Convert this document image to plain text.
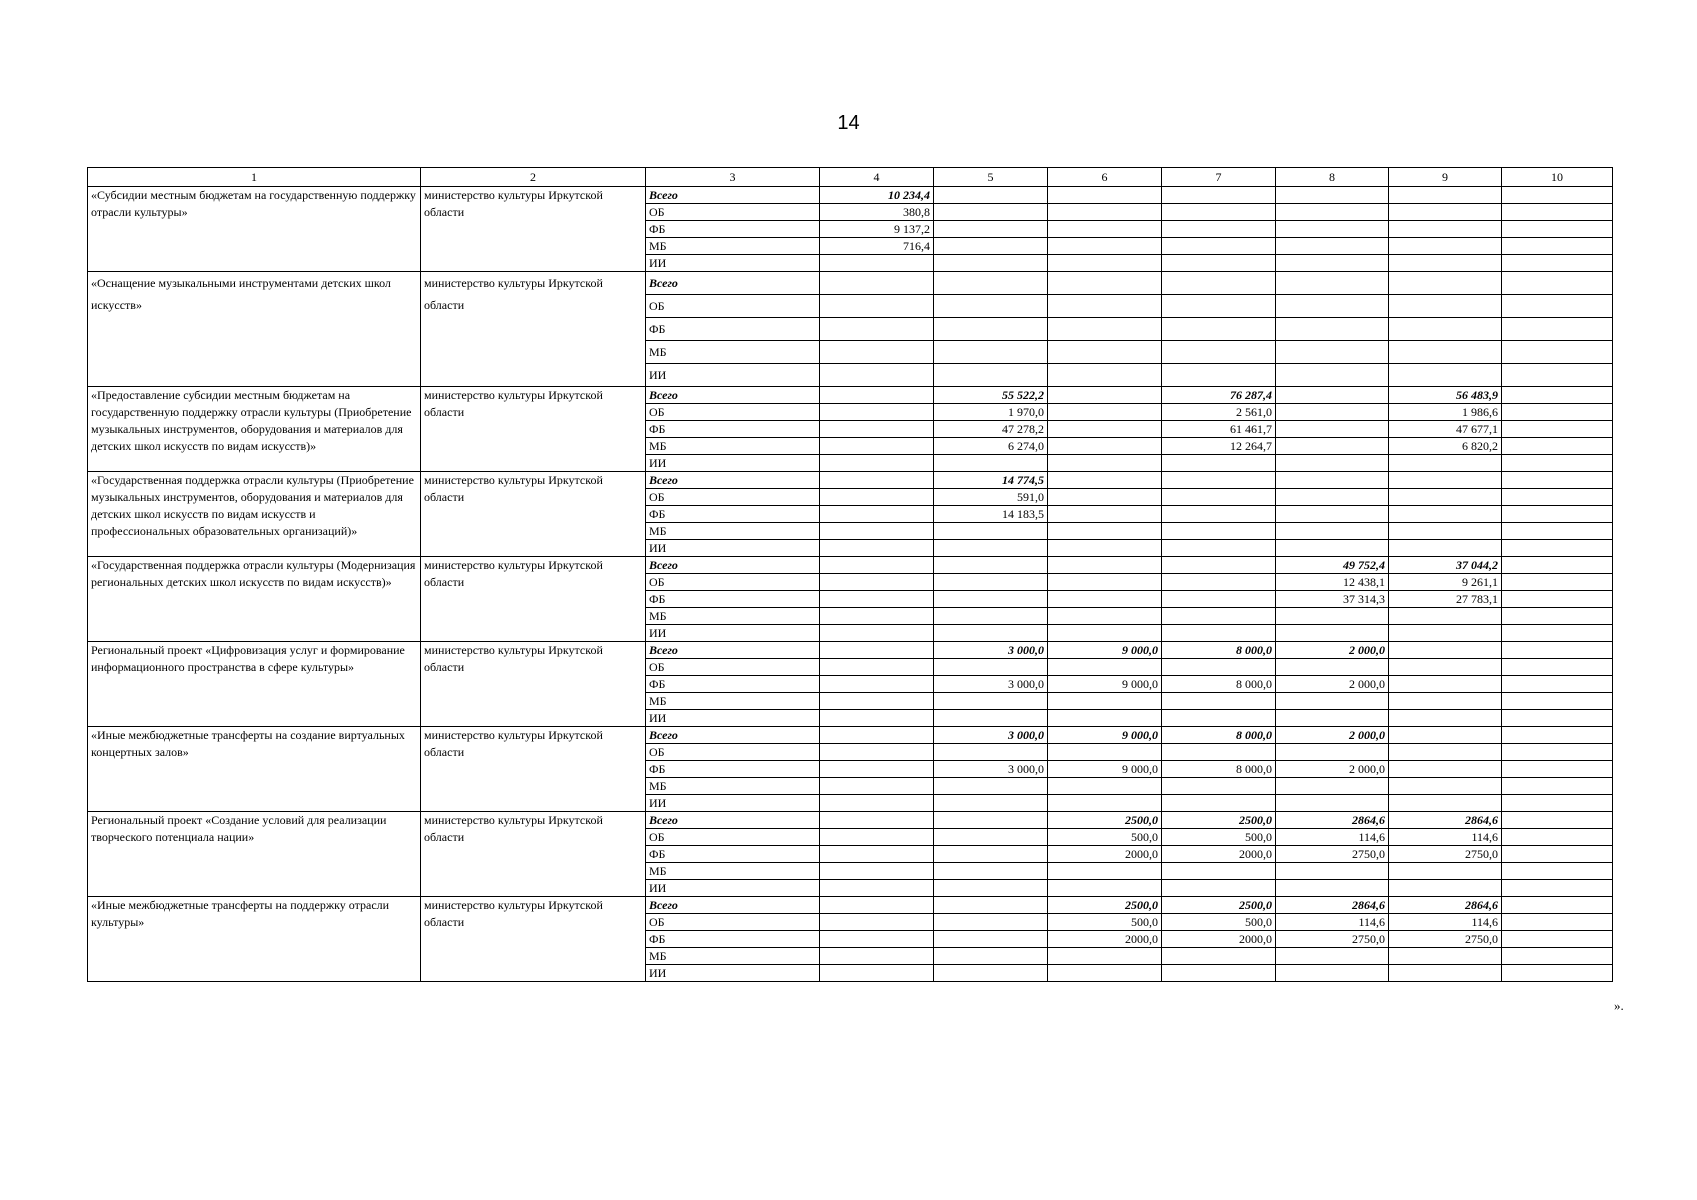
14
1	2	3	4	5	6	7	8	9	10
«Субсидии местным бюджетам на государственную поддержку отрасли культуры»	министерство культуры Иркутской области	Всего	10 234,4						
		ОБ	380,8						
		ФБ	9 137,2						
		МБ	716,4						
		ИИ							
«Оснащение музыкальными инструментами детских школ искусств»	министерство культуры Иркутской области	Всего							
		ОБ							
		ФБ							
		МБ							
		ИИ							
«Предоставление субсидии местным бюджетам на государственную поддержку отрасли культуры (Приобретение музыкальных инструментов, оборудования и материалов для детских школ искусств по видам искусств)»	министерство культуры Иркутской области	Всего		55 522,2		76 287,4		56 483,9	
		ОБ		1 970,0		2 561,0		1 986,6	
		ФБ		47 278,2		61 461,7		47 677,1	
		МБ		6 274,0		12 264,7		6 820,2	
		ИИ							
«Государственная поддержка отрасли культуры (Приобретение музыкальных инструментов, оборудования и материалов для детских школ искусств по видам искусств и профессиональных образовательных организаций)»	министерство культуры Иркутской области	Всего		14 774,5					
		ОБ		591,0					
		ФБ		14 183,5					
		МБ							
		ИИ							
«Государственная поддержка отрасли культуры (Модернизация региональных детских школ искусств по видам искусств)»	министерство культуры Иркутской области	Всего					49 752,4	37 044,2	
		ОБ					12 438,1	9 261,1	
		ФБ					37 314,3	27 783,1	
		МБ							
		ИИ							
Региональный проект «Цифровизация услуг и формирование информационного пространства в сфере культуры»	министерство культуры Иркутской области	Всего		3 000,0	9 000,0	8 000,0	2 000,0		
		ОБ							
		ФБ		3 000,0	9 000,0	8 000,0	2 000,0		
		МБ							
		ИИ							
«Иные межбюджетные трансферты на создание виртуальных концертных залов»	министерство культуры Иркутской области	Всего		3 000,0	9 000,0	8 000,0	2 000,0		
		ОБ							
		ФБ		3 000,0	9 000,0	8 000,0	2 000,0		
		МБ							
		ИИ							
Региональный проект «Создание условий для реализации творческого потенциала нации»	министерство культуры Иркутской области	Всего			2500,0	2500,0	2864,6	2864,6	
		ОБ			500,0	500,0	114,6	114,6	
		ФБ			2000,0	2000,0	2750,0	2750,0	
		МБ							
		ИИ							
«Иные межбюджетные трансферты на поддержку отрасли культуры»	министерство культуры Иркутской области	Всего			2500,0	2500,0	2864,6	2864,6	
		ОБ			500,0	500,0	114,6	114,6	
		ФБ			2000,0	2000,0	2750,0	2750,0	
		МБ							
		ИИ							
».
